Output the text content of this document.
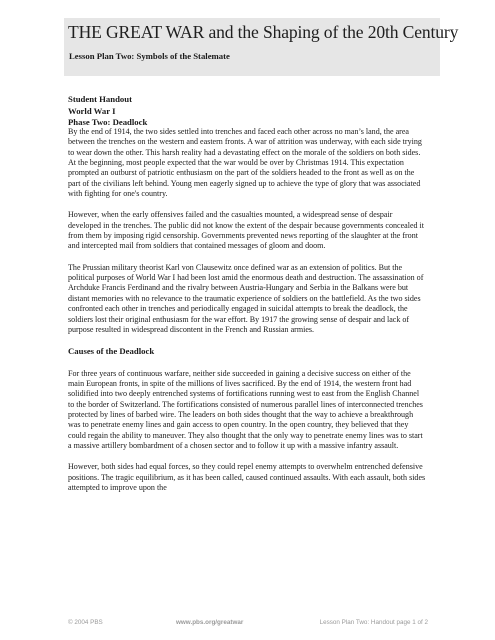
THE GREAT WAR and the Shaping of the 20th Century
Lesson Plan Two: Symbols of the Stalemate
Student Handout
World War I
Phase Two: Deadlock

By the end of 1914, the two sides settled into trenches and faced each other across no man’s land, the area between the trenches on the western and eastern fronts. A war of attrition was underway, with each side trying to wear down the other. This harsh reality had a devastating effect on the morale of the soldiers on both sides. At the beginning, most people expected that the war would be over by Christmas 1914. This expectation prompted an outburst of patriotic enthusiasm on the part of the soldiers headed to the front as well as on the part of the civilians left behind. Young men eagerly signed up to achieve the type of glory that was associated with fighting for one's country.

However, when the early offensives failed and the casualties mounted, a widespread sense of despair developed in the trenches. The public did not know the extent of the despair because governments concealed it from them by imposing rigid censorship. Governments prevented news reporting of the slaughter at the front and intercepted mail from soldiers that contained messages of gloom and doom.

The Prussian military theorist Karl von Clausewitz once defined war as an extension of politics. But the political purposes of World War I had been lost amid the enormous death and destruction. The assassination of Archduke Francis Ferdinand and the rivalry between Austria-Hungary and Serbia in the Balkans were but distant memories with no relevance to the traumatic experience of soldiers on the battlefield. As the two sides confronted each other in trenches and periodically engaged in suicidal attempts to break the deadlock, the soldiers lost their original enthusiasm for the war effort. By 1917 the growing sense of despair and lack of purpose resulted in widespread discontent in the French and Russian armies.

Causes of the Deadlock

For three years of continuous warfare, neither side succeeded in gaining a decisive success on either of the main European fronts, in spite of the millions of lives sacrificed. By the end of 1914, the western front had solidified into two deeply entrenched systems of fortifications running west to east from the English Channel to the border of Switzerland. The fortifications consisted of numerous parallel lines of interconnected trenches protected by lines of barbed wire. The leaders on both sides thought that the way to achieve a breakthrough was to penetrate enemy lines and gain access to open country. In the open country, they believed that they could regain the ability to maneuver. They also thought that the only way to penetrate enemy lines was to start a massive artillery bombardment of a chosen sector and to follow it up with a massive infantry assault.

However, both sides had equal forces, so they could repel enemy attempts to overwhelm entrenched defensive positions. The tragic equilibrium, as it has been called, caused continued assaults. With each assault, both sides attempted to improve upon the

© 2004 PBS	www.pbs.org/greatwar	Lesson Plan Two: Handout page 1 of 2
